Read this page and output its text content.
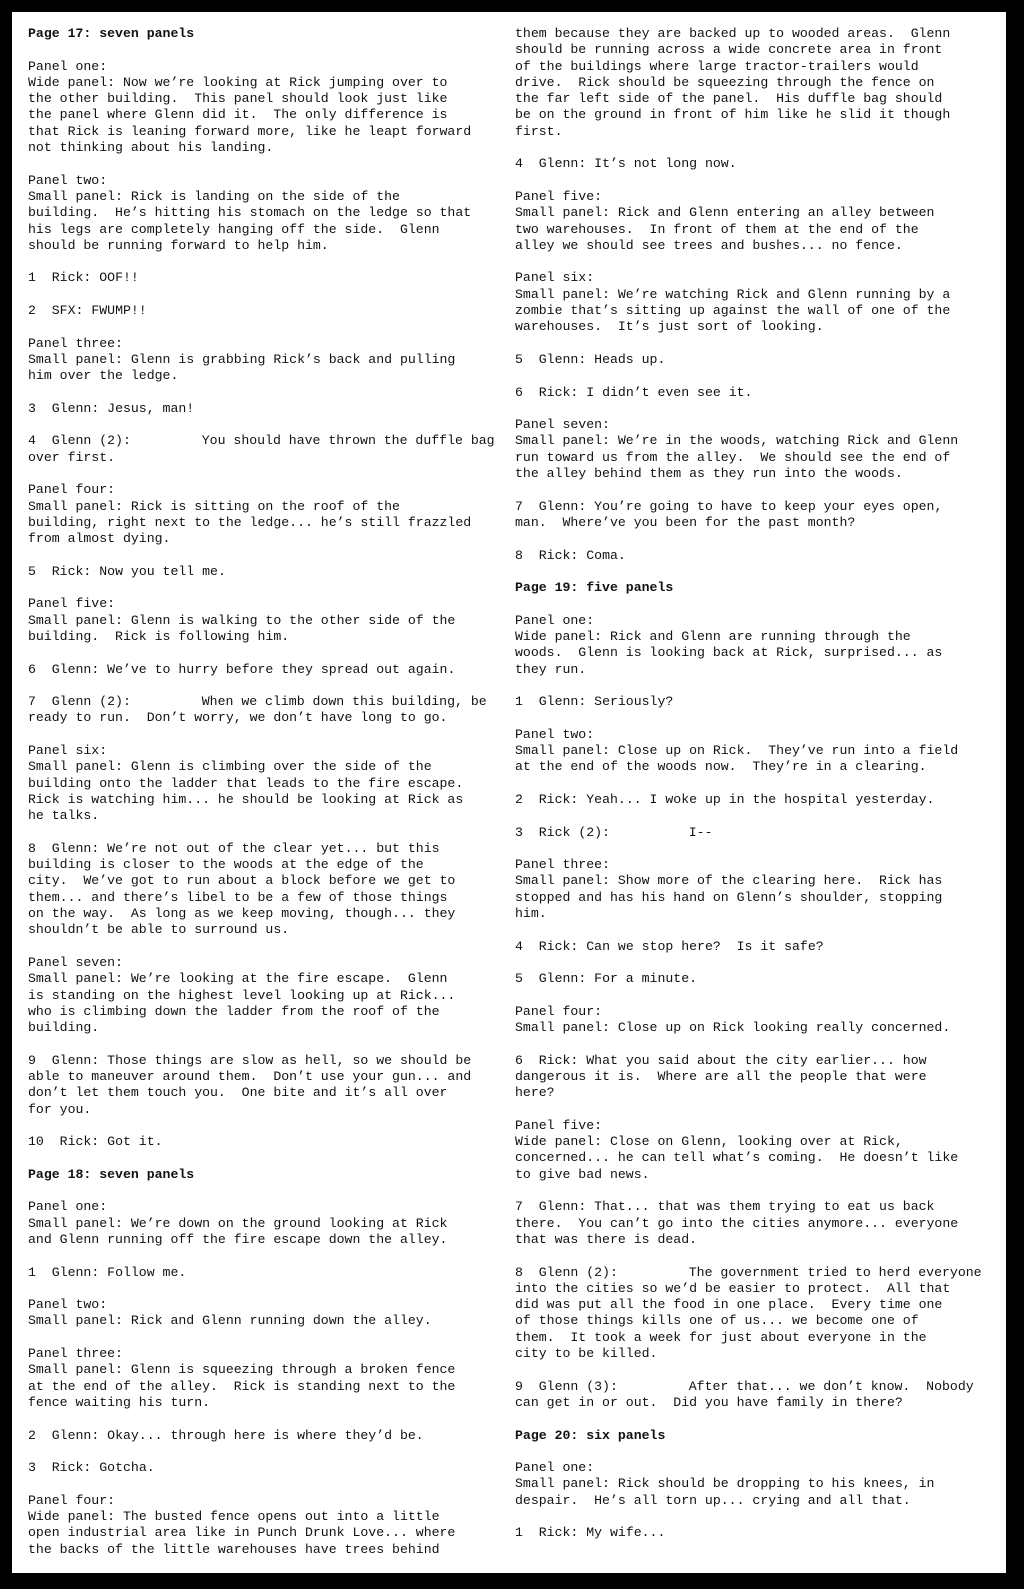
Page 17: seven panels
Panel one:
Wide panel: Now we’re looking at Rick jumping over to
the other building.  This panel should look just like
the panel where Glenn did it.  The only difference is
that Rick is leaning forward more, like he leapt forward
not thinking about his landing.
Panel two:
Small panel: Rick is landing on the side of the
building.  He’s hitting his stomach on the ledge so that
his legs are completely hanging off the side.  Glenn
should be running forward to help him.
1 Rick: OOF!!
2 SFX: FWUMP!!
Panel three:
Small panel: Glenn is grabbing Rick’s back and pulling
him over the ledge.
3 Glenn: Jesus, man!
4 Glenn (2):	You should have thrown the duffle bag
over first.
Panel four:
Small panel: Rick is sitting on the roof of the
building, right next to the ledge... he’s still frazzled
from almost dying.
5 Rick: Now you tell me.
Panel five:
Small panel: Glenn is walking to the other side of the
building.  Rick is following him.
6 Glenn: We’ve to hurry before they spread out again.
7 Glenn (2):	When we climb down this building, be
ready to run.  Don’t worry, we don’t have long to go.
Panel six:
Small panel: Glenn is climbing over the side of the
building onto the ladder that leads to the fire escape.
Rick is watching him... he should be looking at Rick as
he talks.
8 Glenn: We’re not out of the clear yet... but this
building is closer to the woods at the edge of the
city.  We’ve got to run about a block before we get to
them... and there’s libel to be a few of those things
on the way.  As long as we keep moving, though... they
shouldn’t be able to surround us.
Panel seven:
Small panel: We’re looking at the fire escape.  Glenn
is standing on the highest level looking up at Rick...
who is climbing down the ladder from the roof of the
building.
9 Glenn: Those things are slow as hell, so we should be
able to maneuver around them.  Don’t use your gun... and
don’t let them touch you.  One bite and it’s all over
for you.
10 Rick: Got it.
Page 18: seven panels
Panel one:
Small panel: We’re down on the ground looking at Rick
and Glenn running off the fire escape down the alley.
1 Glenn: Follow me.
Panel two:
Small panel: Rick and Glenn running down the alley.
Panel three:
Small panel: Glenn is squeezing through a broken fence
at the end of the alley.  Rick is standing next to the
fence waiting his turn.
2 Glenn: Okay... through here is where they’d be.
3 Rick: Gotcha.
Panel four:
Wide panel: The busted fence opens out into a little
open industrial area like in Punch Drunk Love... where
the backs of the little warehouses have trees behind
them because they are backed up to wooded areas.  Glenn
should be running across a wide concrete area in front
of the buildings where large tractor-trailers would
drive.  Rick should be squeezing through the fence on
the far left side of the panel.  His duffle bag should
be on the ground in front of him like he slid it though
first.
4 Glenn: It’s not long now.
Panel five:
Small panel: Rick and Glenn entering an alley between
two warehouses.  In front of them at the end of the
alley we should see trees and bushes... no fence.
Panel six:
Small panel: We’re watching Rick and Glenn running by a
zombie that’s sitting up against the wall of one of the
warehouses.  It’s just sort of looking.
5 Glenn: Heads up.
6 Rick: I didn’t even see it.
Panel seven:
Small panel: We’re in the woods, watching Rick and Glenn
run toward us from the alley.  We should see the end of
the alley behind them as they run into the woods.
7 Glenn: You’re going to have to keep your eyes open,
man.  Where’ve you been for the past month?
8 Rick: Coma.
Page 19: five panels
Panel one:
Wide panel: Rick and Glenn are running through the
woods.  Glenn is looking back at Rick, surprised... as
they run.
1 Glenn: Seriously?
Panel two:
Small panel: Close up on Rick.  They’ve run into a field
at the end of the woods now.  They’re in a clearing.
2 Rick: Yeah... I woke up in the hospital yesterday.
3 Rick (2):	I--
Panel three:
Small panel: Show more of the clearing here.  Rick has
stopped and has his hand on Glenn’s shoulder, stopping
him.
4 Rick: Can we stop here?  Is it safe?
5 Glenn: For a minute.
Panel four:
Small panel: Close up on Rick looking really concerned.
6 Rick: What you said about the city earlier... how
dangerous it is.  Where are all the people that were
here?
Panel five:
Wide panel: Close on Glenn, looking over at Rick,
concerned... he can tell what’s coming.  He doesn’t like
to give bad news.
7 Glenn: That... that was them trying to eat us back
there.  You can’t go into the cities anymore... everyone
that was there is dead.
8 Glenn (2):	The government tried to herd everyone
into the cities so we’d be easier to protect.  All that
did was put all the food in one place.  Every time one
of those things kills one of us... we become one of
them.  It took a week for just about everyone in the
city to be killed.
9 Glenn (3):	After that... we don’t know.  Nobody
can get in or out.  Did you have family in there?
Page 20: six panels
Panel one:
Small panel: Rick should be dropping to his knees, in
despair.  He’s all torn up... crying and all that.
1 Rick: My wife...
